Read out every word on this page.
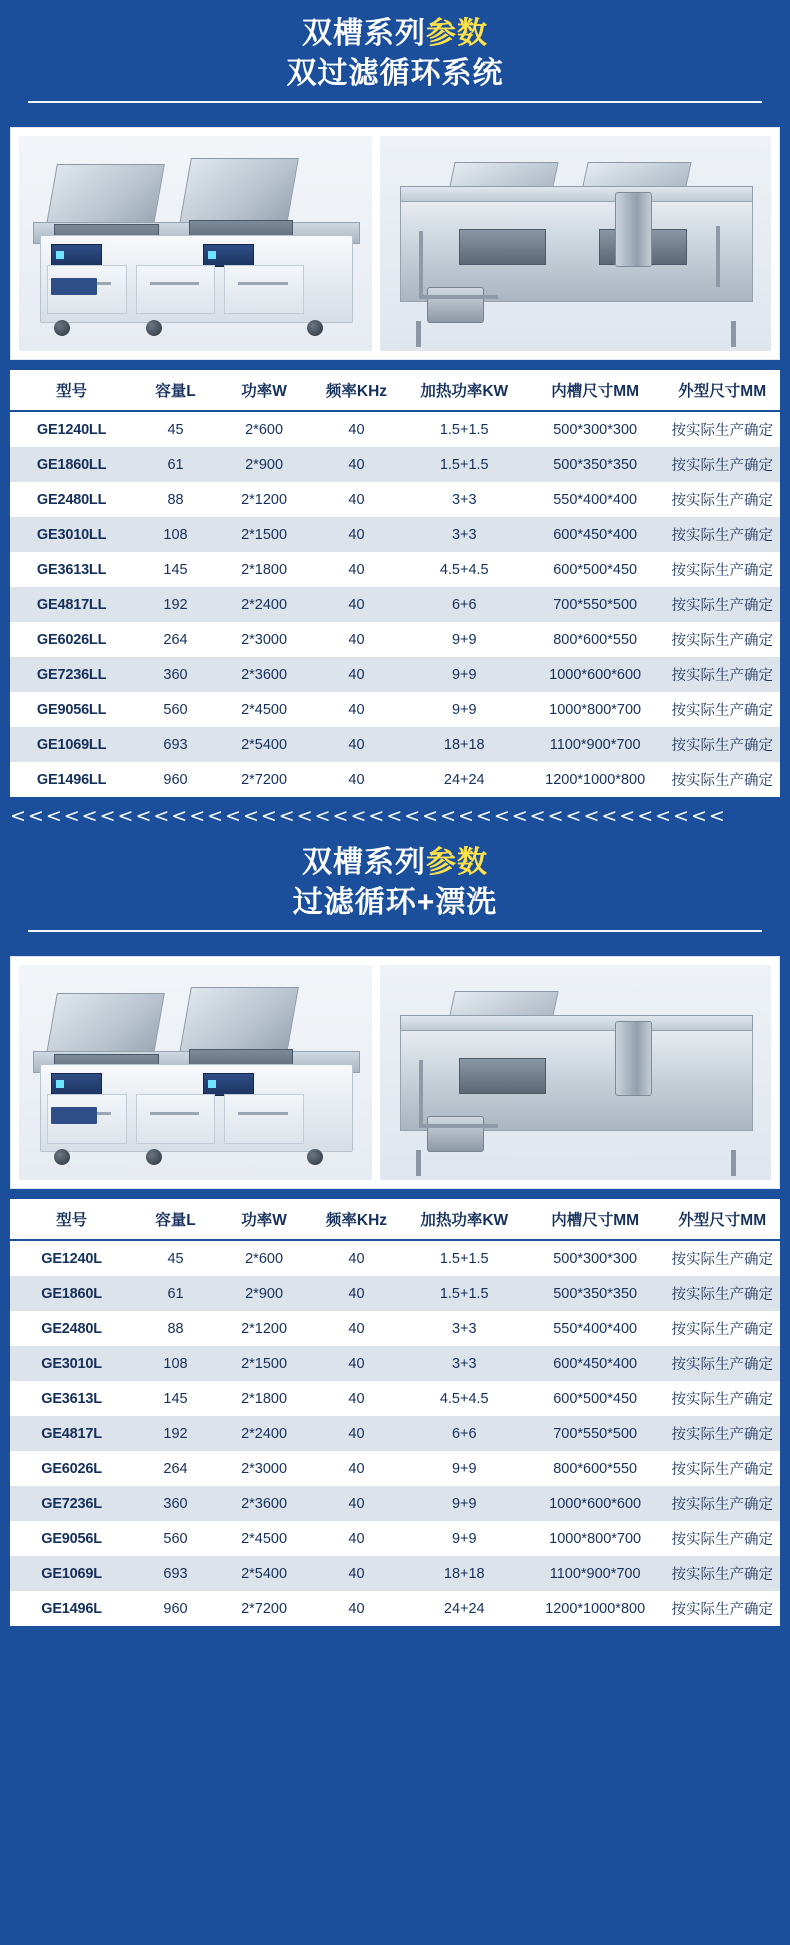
双槽系列参数
双过滤循环系统
型号	容量L	功率W	频率KHz	加热功率KW	内槽尺寸MM	外型尺寸MM
GE1240LL	45	2*600	40	1.5+1.5	500*300*300	按实际生产确定
GE1860LL	61	2*900	40	1.5+1.5	500*350*350	按实际生产确定
GE2480LL	88	2*1200	40	3+3	550*400*400	按实际生产确定
GE3010LL	108	2*1500	40	3+3	600*450*400	按实际生产确定
GE3613LL	145	2*1800	40	4.5+4.5	600*500*450	按实际生产确定
GE4817LL	192	2*2400	40	6+6	700*550*500	按实际生产确定
GE6026LL	264	2*3000	40	9+9	800*600*550	按实际生产确定
GE7236LL	360	2*3600	40	9+9	1000*600*600	按实际生产确定
GE9056LL	560	2*4500	40	9+9	1000*800*700	按实际生产确定
GE1069LL	693	2*5400	40	18+18	1100*900*700	按实际生产确定
GE1496LL	960	2*7200	40	24+24	1200*1000*800	按实际生产确定
<<<<<<<<<<<<<<<<<<<<<<<<<<<<<<<<<<<<<<<<
双槽系列参数
过滤循环+漂洗
型号	容量L	功率W	频率KHz	加热功率KW	内槽尺寸MM	外型尺寸MM
GE1240L	45	2*600	40	1.5+1.5	500*300*300	按实际生产确定
GE1860L	61	2*900	40	1.5+1.5	500*350*350	按实际生产确定
GE2480L	88	2*1200	40	3+3	550*400*400	按实际生产确定
GE3010L	108	2*1500	40	3+3	600*450*400	按实际生产确定
GE3613L	145	2*1800	40	4.5+4.5	600*500*450	按实际生产确定
GE4817L	192	2*2400	40	6+6	700*550*500	按实际生产确定
GE6026L	264	2*3000	40	9+9	800*600*550	按实际生产确定
GE7236L	360	2*3600	40	9+9	1000*600*600	按实际生产确定
GE9056L	560	2*4500	40	9+9	1000*800*700	按实际生产确定
GE1069L	693	2*5400	40	18+18	1100*900*700	按实际生产确定
GE1496L	960	2*7200	40	24+24	1200*1000*800	按实际生产确定
